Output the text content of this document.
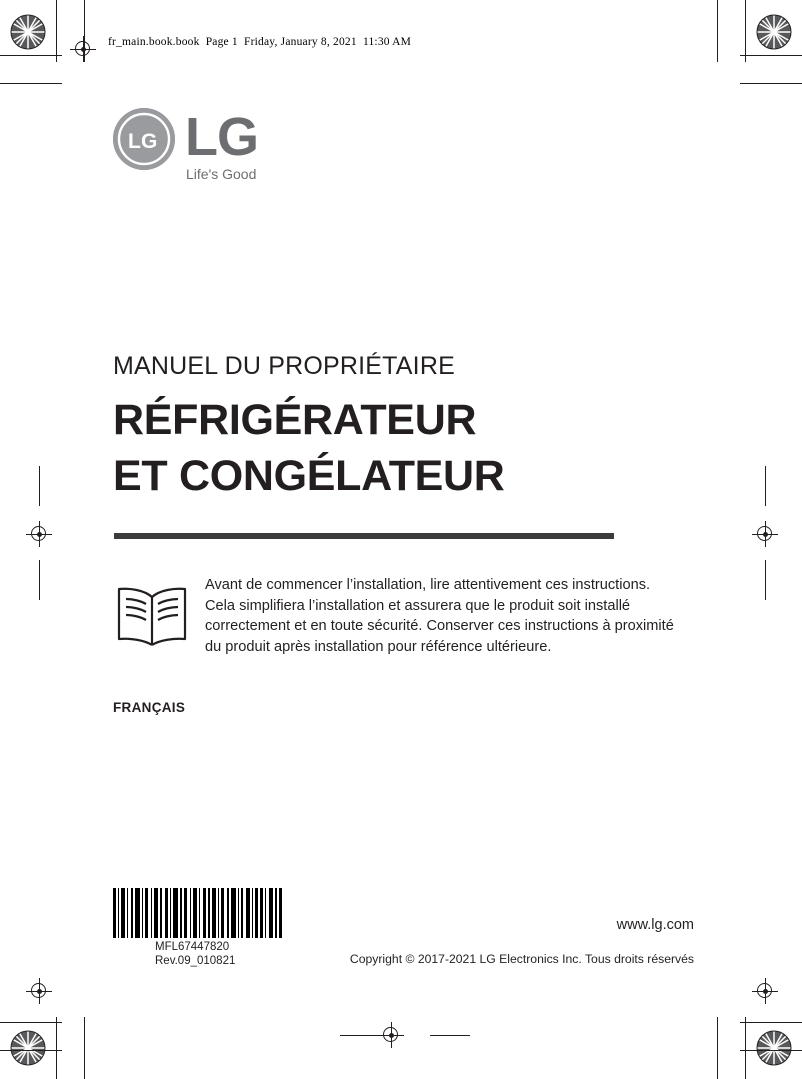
fr_main.book.book  Page 1  Friday, January 8, 2021  11:30 AM
L G LG
Life's Good
MANUEL DU PROPRIÉTAIRE
RÉFRIGÉRATEUR
ET CONGÉLATEUR
Avant de commencer l’installation, lire attentivement ces instructions. Cela simplifiera l’installation et assurera que le produit soit installé correctement et en toute sécurité. Conserver ces instructions à proximité du produit après installation pour référence ultérieure.
FRANÇAIS
MFL67447820
Rev.09_010821
www.lg.com
Copyright © 2017-2021 LG Electronics Inc. Tous droits réservés
